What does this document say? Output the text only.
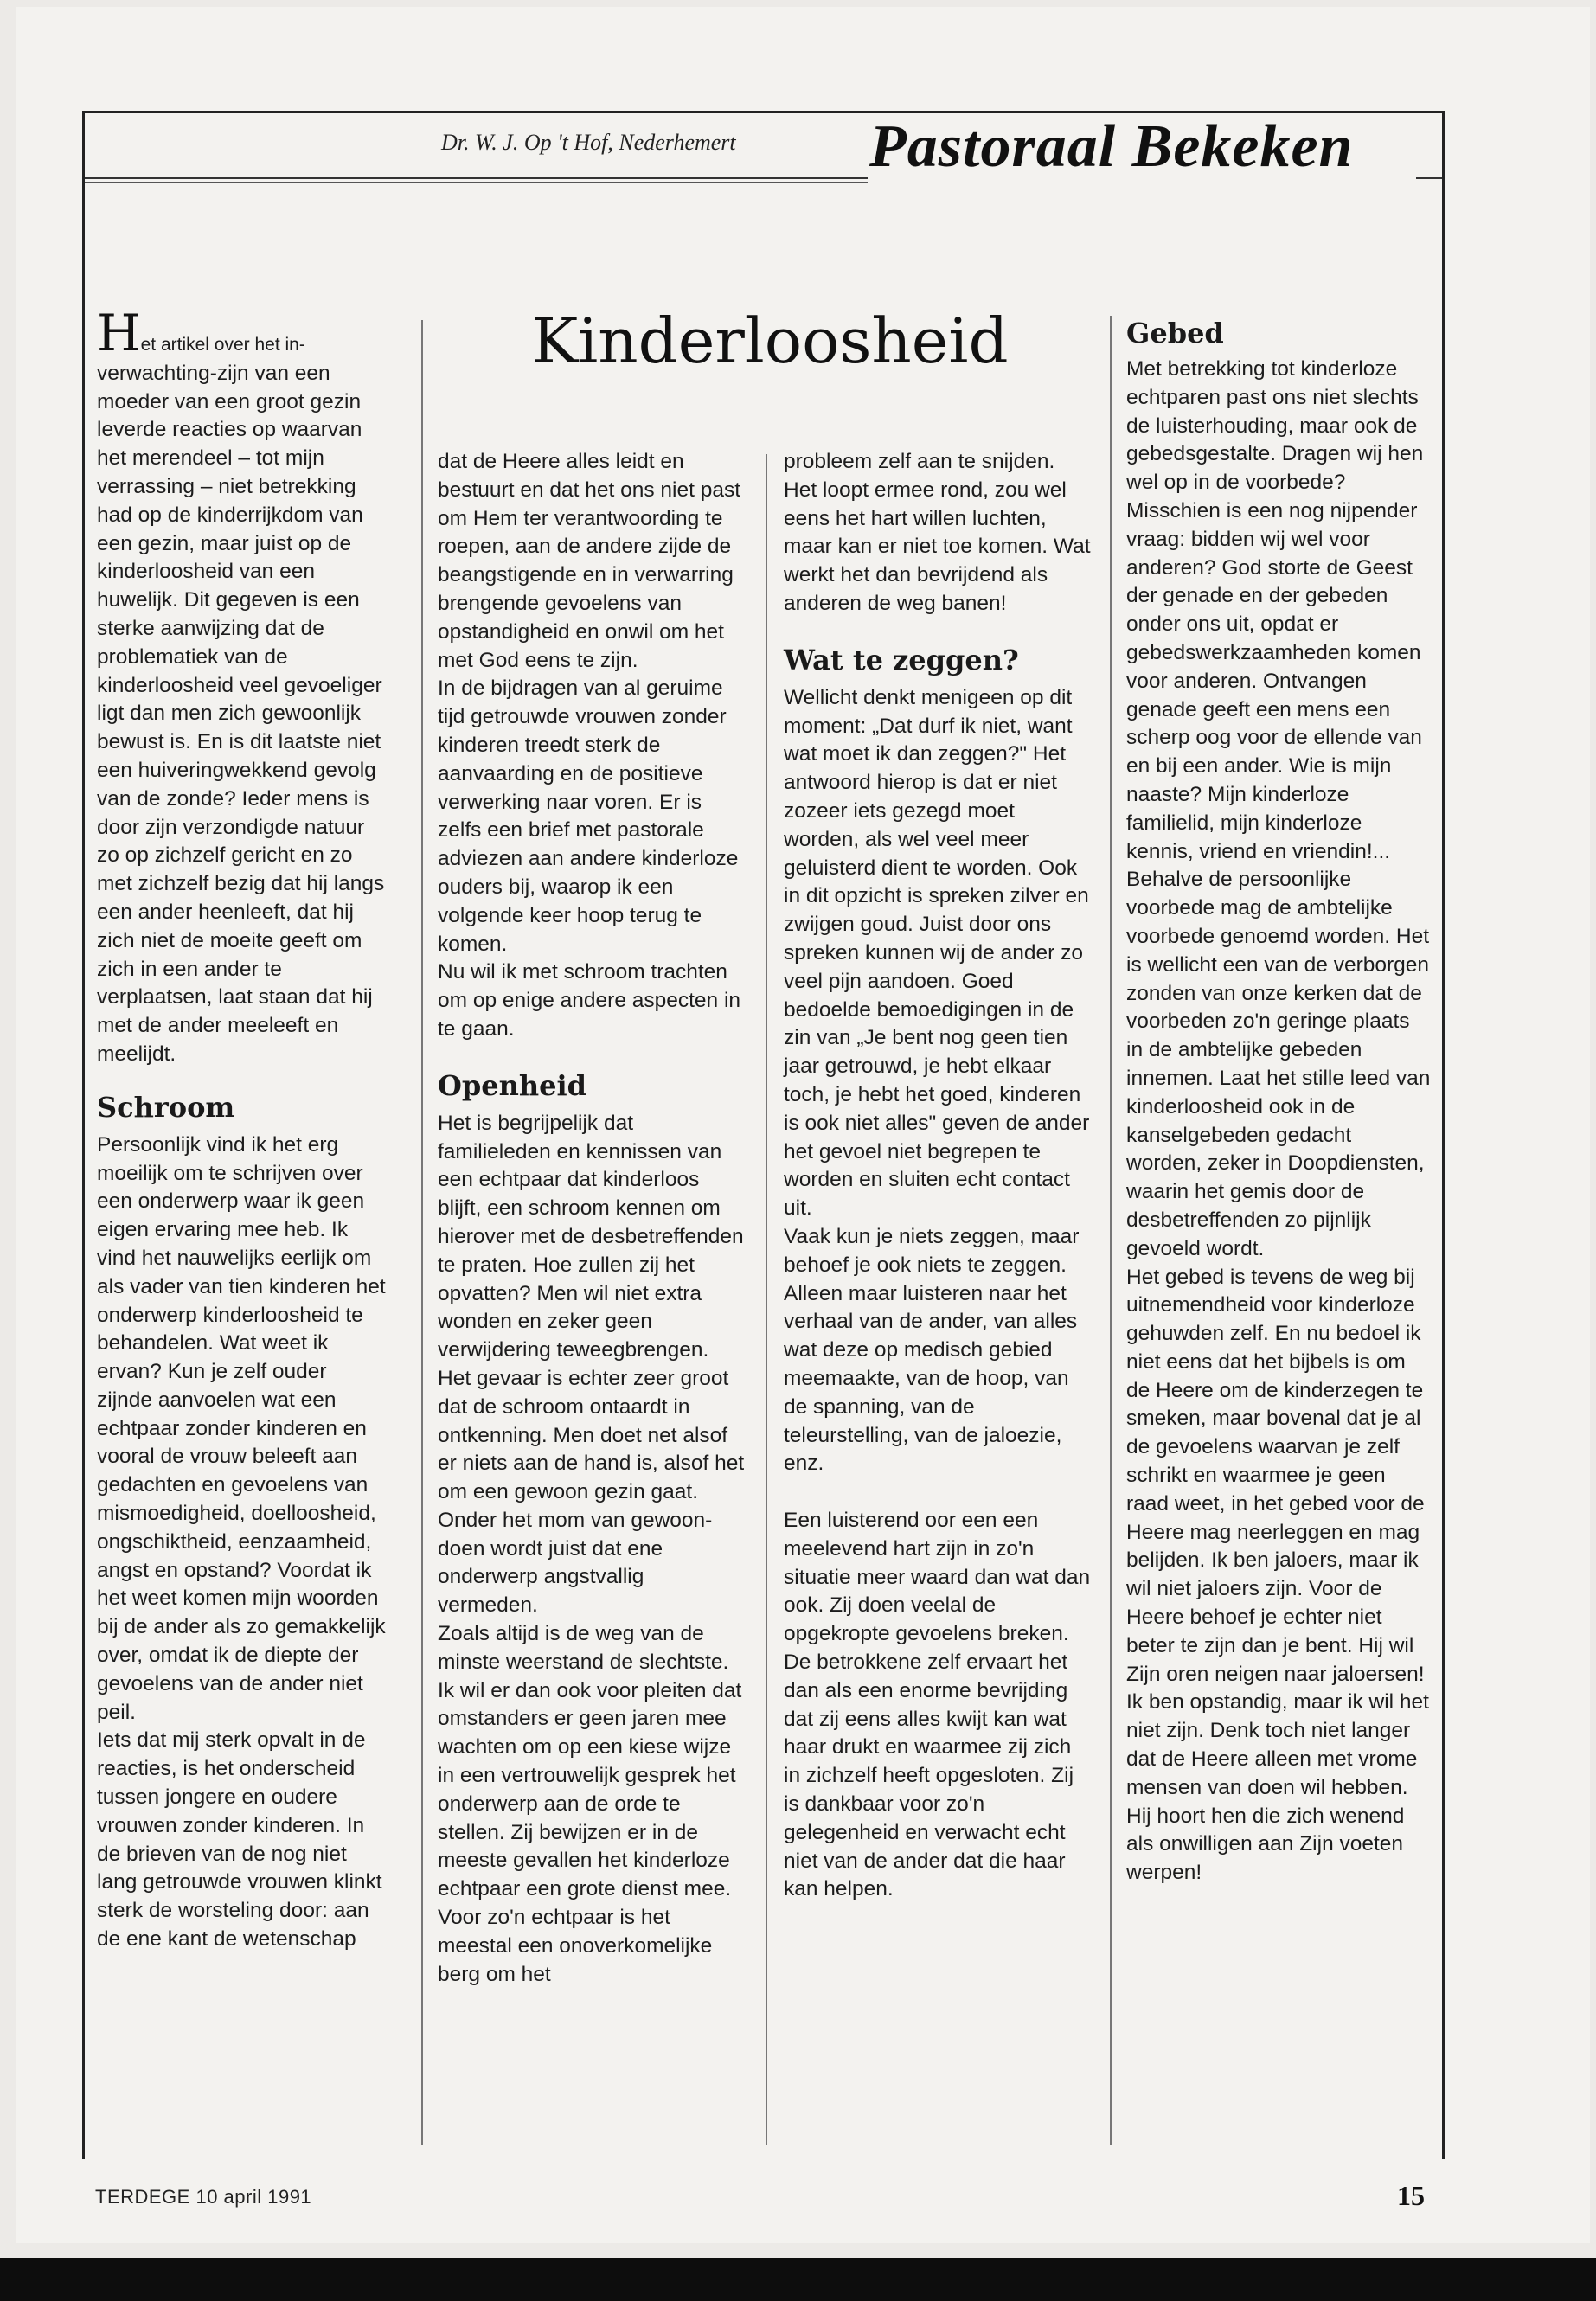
Dr. W. J. Op 't Hof, Nederhemert	Pastoraal Bekeken
Kinderloosheid

Het artikel over het in- verwachting-zijn van een moeder van een groot gezin leverde reacties op waarvan het merendeel – tot mijn verrassing – niet betrekking had op de kinderrijkdom van een gezin, maar juist op de kinderloosheid van een huwelijk. Dit gegeven is een sterke aanwijzing dat de problematiek van de kinderloosheid veel gevoeliger ligt dan men zich gewoonlijk bewust is. En is dit laatste niet een huiveringwekkend gevolg van de zonde? Ieder mens is door zijn verzondigde natuur zo op zichzelf gericht en zo met zichzelf bezig dat hij langs een ander heenleeft, dat hij zich niet de moeite geeft om zich in een ander te verplaatsen, laat staan dat hij met de ander meeleeft en meelijdt.

Schroom

Persoonlijk vind ik het erg moeilijk om te schrijven over een onderwerp waar ik geen eigen ervaring mee heb. Ik vind het nauwelijks eerlijk om als vader van tien kinderen het onderwerp kinderloosheid te behandelen. Wat weet ik ervan? Kun je zelf ouder zijnde aanvoelen wat een echtpaar zonder kinderen en vooral de vrouw beleeft aan gedachten en gevoelens van mismoedigheid, doelloosheid, ongschiktheid, eenzaamheid, angst en opstand? Voordat ik het weet komen mijn woorden bij de ander als zo gemakkelijk over, omdat ik de diepte der gevoelens van de ander niet peil.

Iets dat mij sterk opvalt in de reacties, is het onderscheid tussen jongere en oudere vrouwen zonder kinderen. In de brieven van de nog niet lang getrouwde vrouwen klinkt sterk de worsteling door: aan de ene kant de wetenschap

dat de Heere alles leidt en bestuurt en dat het ons niet past om Hem ter verantwoording te roepen, aan de andere zijde de beangstigende en in verwarring brengende gevoelens van opstandigheid en onwil om het met God eens te zijn.

In de bijdragen van al geruime tijd getrouwde vrouwen zonder kinderen treedt sterk de aanvaarding en de positieve verwerking naar voren. Er is zelfs een brief met pastorale adviezen aan andere kinderloze ouders bij, waarop ik een volgende keer hoop terug te komen.

Nu wil ik met schroom trachten om op enige andere aspecten in te gaan.

Openheid

Het is begrijpelijk dat familieleden en kennissen van een echtpaar dat kinderloos blijft, een schroom kennen om hierover met de desbetreffenden te praten. Hoe zullen zij het opvatten? Men wil niet extra wonden en zeker geen verwijdering teweegbrengen. Het gevaar is echter zeer groot dat de schroom ontaardt in ontkenning. Men doet net alsof er niets aan de hand is, alsof het om een gewoon gezin gaat.

Onder het mom van gewoon-doen wordt juist dat ene onderwerp angstvallig vermeden.

Zoals altijd is de weg van de minste weerstand de slechtste. Ik wil er dan ook voor pleiten dat omstanders er geen jaren mee wachten om op een kiese wijze in een vertrouwelijk gesprek het onderwerp aan de orde te stellen. Zij bewijzen er in de meeste gevallen het kinderloze echtpaar een grote dienst mee. Voor zo'n echtpaar is het meestal een onoverkomelijke berg om het

probleem zelf aan te snijden. Het loopt ermee rond, zou wel eens het hart willen luchten, maar kan er niet toe komen. Wat werkt het dan bevrijdend als anderen de weg banen!

Wat te zeggen?

Wellicht denkt menigeen op dit moment: „Dat durf ik niet, want wat moet ik dan zeggen?" Het antwoord hierop is dat er niet zozeer iets gezegd moet worden, als wel veel meer geluisterd dient te worden. Ook in dit opzicht is spreken zilver en zwijgen goud. Juist door ons spreken kunnen wij de ander zo veel pijn aandoen. Goed bedoelde bemoedigingen in de zin van „Je bent nog geen tien jaar getrouwd, je hebt elkaar toch, je hebt het goed, kinderen is ook niet alles" geven de ander het gevoel niet begrepen te worden en sluiten echt contact uit.

Vaak kun je niets zeggen, maar behoef je ook niets te zeggen. Alleen maar luisteren naar het verhaal van de ander, van alles wat deze op medisch gebied meemaakte, van de hoop, van de spanning, van de teleurstelling, van de jaloezie, enz.

Een luisterend oor een een meelevend hart zijn in zo'n situatie meer waard dan wat dan ook. Zij doen veelal de opgekropte gevoelens breken. De betrokkene zelf ervaart het dan als een enorme bevrijding dat zij eens alles kwijt kan wat haar drukt en waarmee zij zich in zichzelf heeft opgesloten. Zij is dankbaar voor zo'n gelegenheid en verwacht echt niet van de ander dat die haar kan helpen.

Gebed

Met betrekking tot kinderloze echtparen past ons niet slechts de luisterhouding, maar ook de gebedsgestalte. Dragen wij hen wel op in de voorbede? Misschien is een nog nijpender vraag: bidden wij wel voor anderen? God storte de Geest der genade en der gebeden onder ons uit, opdat er gebedswerkzaamheden komen voor anderen. Ontvangen genade geeft een mens een scherp oog voor de ellende van en bij een ander. Wie is mijn naaste? Mijn kinderloze familielid, mijn kinderloze kennis, vriend en vriendin!...

Behalve de persoonlijke voorbede mag de ambtelijke voorbede genoemd worden. Het is wellicht een van de verborgen zonden van onze kerken dat de voorbeden zo'n geringe plaats in de ambtelijke gebeden innemen. Laat het stille leed van kinderloosheid ook in de kanselgebeden gedacht worden, zeker in Doopdiensten, waarin het gemis door de desbetreffenden zo pijnlijk gevoeld wordt.

Het gebed is tevens de weg bij uitnemendheid voor kinderloze gehuwden zelf. En nu bedoel ik niet eens dat het bijbels is om de Heere om de kinderzegen te smeken, maar bovenal dat je al de gevoelens waarvan je zelf schrikt en waarmee je geen raad weet, in het gebed voor de Heere mag neerleggen en mag belijden. Ik ben jaloers, maar ik wil niet jaloers zijn. Voor de Heere behoef je echter niet beter te zijn dan je bent. Hij wil Zijn oren neigen naar jaloersen! Ik ben opstandig, maar ik wil het niet zijn. Denk toch niet langer dat de Heere alleen met vrome mensen van doen wil hebben. Hij hoort hen die zich wenend als onwilligen aan Zijn voeten werpen!

TERDEGE 10 april 1991	15
